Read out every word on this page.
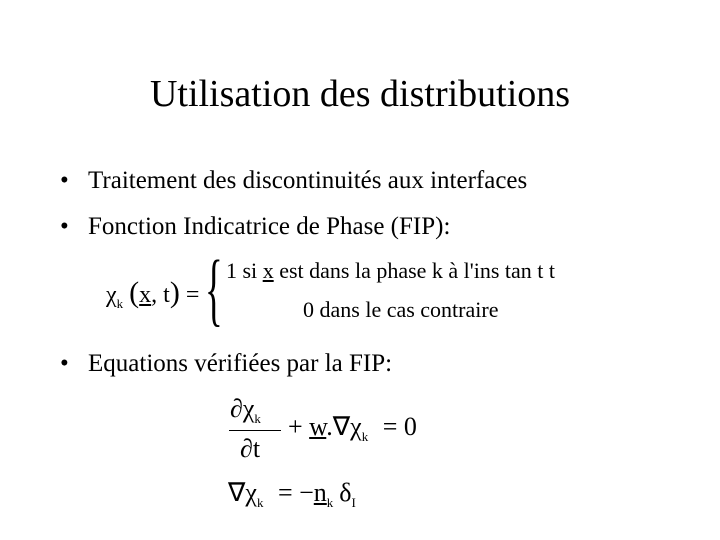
Utilisation des distributions
• Traitement des discontinuités aux interfaces
• Fonction Indicatrice de Phase (FIP):
$\chi_k$ (x, t) = { 1 si x est dans la phase k à l'ins tan t t
0 dans le cas contraire
• Equations vérifiées par la FIP:
$\partial\chi_k$
∂t
+ $w.\nabla\chi_k = 0$
$\nabla\chi_k = -n_k$ $\delta_I$
